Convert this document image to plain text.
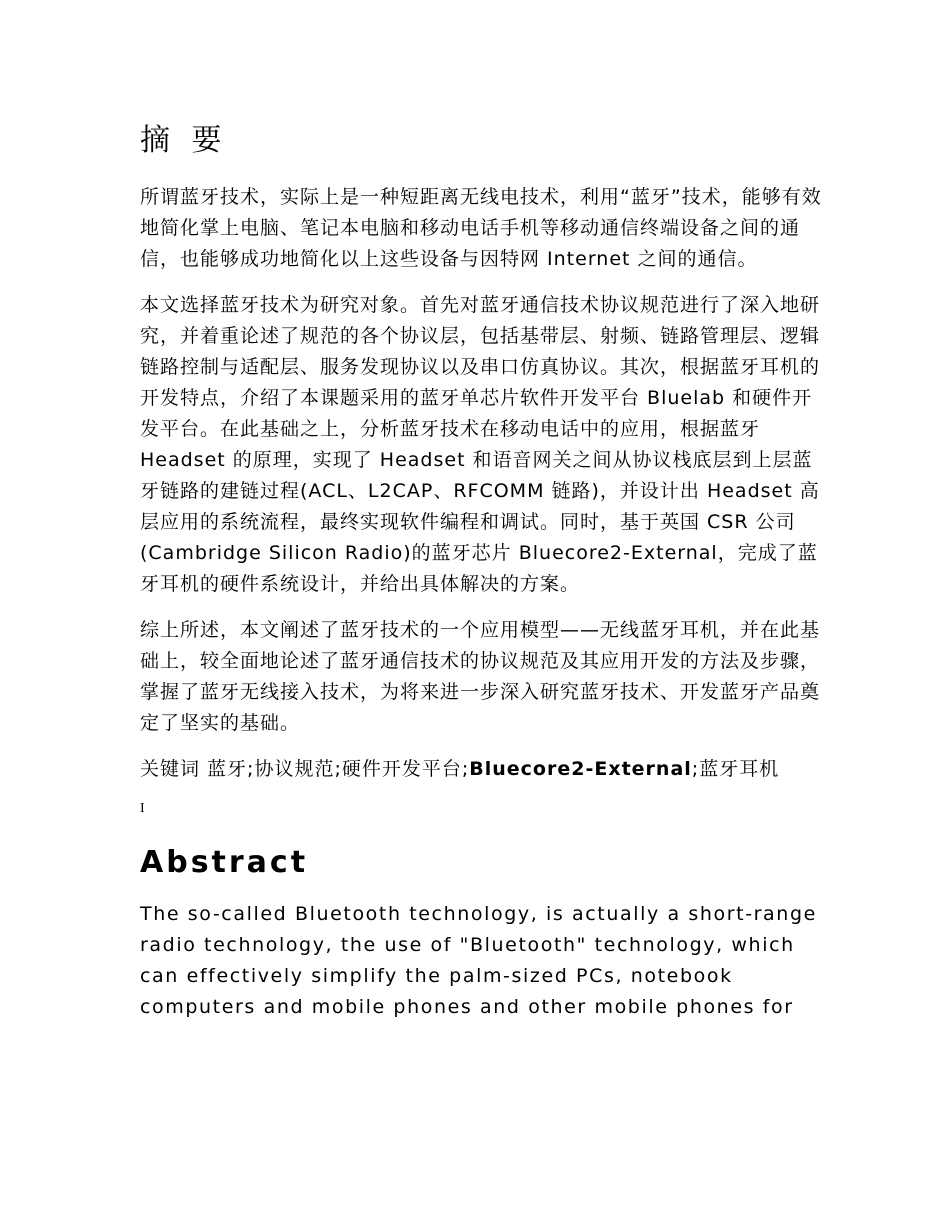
摘 要

所谓蓝牙技术，实际上是一种短距离无线电技术，利用“蓝牙”技术，能够有效地简化掌上电脑、笔记本电脑和移动电话手机等移动通信终端设备之间的通信，也能够成功地简化以上这些设备与因特网 Internet 之间的通信。

本文选择蓝牙技术为研究对象。首先对蓝牙通信技术协议规范进行了深入地研究，并着重论述了规范的各个协议层，包括基带层、射频、链路管理层、逻辑链路控制与适配层、服务发现协议以及串口仿真协议。其次，根据蓝牙耳机的开发特点，介绍了本课题采用的蓝牙单芯片软件开发平台 Bluelab 和硬件开发平台。在此基础之上，分析蓝牙技术在移动电话中的应用，根据蓝牙 Headset 的原理，实现了 Headset 和语音网关之间从协议栈底层到上层蓝牙链路的建链过程(ACL、L2CAP、RFCOMM 链路)，并设计出 Headset 高层应用的系统流程，最终实现软件编程和调试。同时，基于英国 CSR 公司(Cambridge Silicon Radio)的蓝牙芯片 Bluecore2-External，完成了蓝牙耳机的硬件系统设计，并给出具体解决的方案。

综上所述，本文阐述了蓝牙技术的一个应用模型——无线蓝牙耳机，并在此基础上，较全面地论述了蓝牙通信技术的协议规范及其应用开发的方法及步骤，掌握了蓝牙无线接入技术，为将来进一步深入研究蓝牙技术、开发蓝牙产品奠定了坚实的基础。

关键词 蓝牙;协议规范;硬件开发平台;Bluecore2-External;蓝牙耳机

I
Abstract

The so-called Bluetooth technology, is actually a short-range radio technology, the use of "Bluetooth" technology, which can effectively simplify the palm-sized PCs, notebook computers and mobile phones and other mobile phones for
